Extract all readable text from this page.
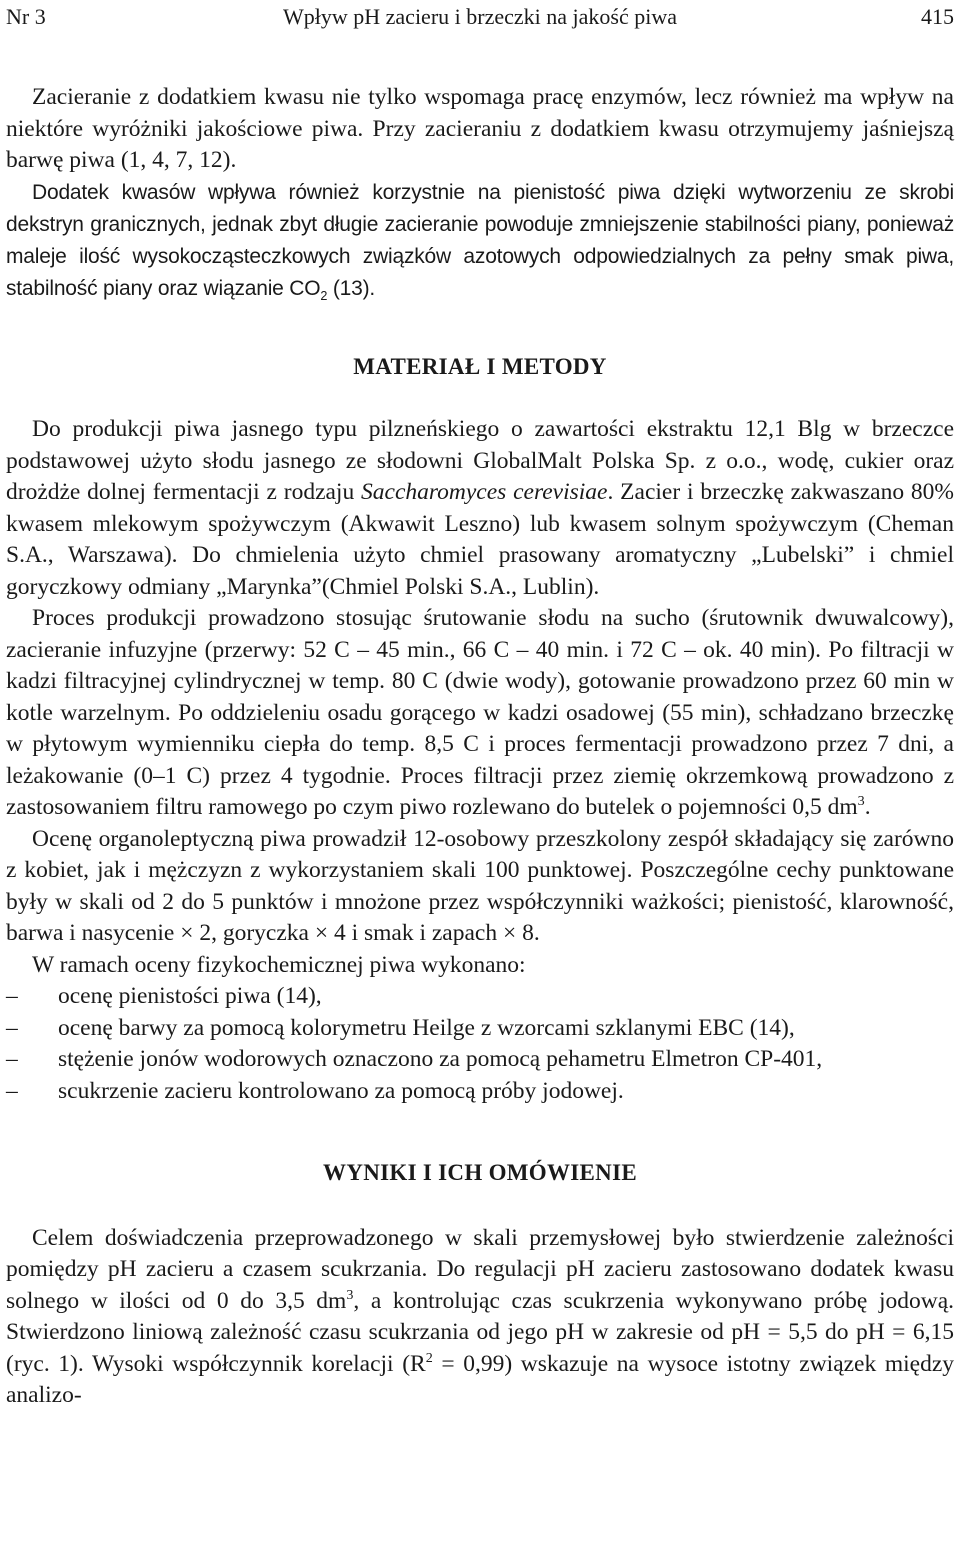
Nr 3	Wpływ pH zacieru i brzeczki na jakość piwa	415

Zacieranie z dodatkiem kwasu nie tylko wspomaga pracę enzymów, lecz również ma wpływ na niektóre wyróżniki jakościowe piwa. Przy zacieraniu z dodatkiem kwasu otrzymujemy jaśniejszą barwę piwa (1, 4, 7, 12).

Dodatek kwasów wpływa również korzystnie na pienistość piwa dzięki wytworzeniu ze skrobi dekstryn granicznych, jednak zbyt długie zacieranie powoduje zmniejszenie stabilności piany, ponieważ maleje ilość wysokocząsteczkowych związków azotowych odpowiedzialnych za pełny smak piwa, stabilność piany oraz wiązanie $CO_2$ (13).

MATERIAŁ I METODY

Do produkcji piwa jasnego typu pilzneńskiego o zawartości ekstraktu 12,1 Blg w brzeczce podstawowej użyto słodu jasnego ze słodowni GlobalMalt Polska Sp. z o.o., wodę, cukier oraz drożdże dolnej fermentacji z rodzaju Saccharomyces cerevisiae. Zacier i brzeczkę zakwaszano 80% kwasem mlekowym spożywczym (Akwawit Leszno) lub kwasem solnym spożywczym (Cheman S.A., Warszawa). Do chmielenia użyto chmiel prasowany aromatyczny „Lubelski” i chmiel goryczkowy odmiany „Marynka”(Chmiel Polski S.A., Lublin).

Proces produkcji prowadzono stosując śrutowanie słodu na sucho (śrutownik dwuwalcowy), zacieranie infuzyjne (przerwy: 52 C – 45 min., 66 C – 40 min. i 72 C – ok. 40 min). Po filtracji w kadzi filtracyjnej cylindrycznej w temp. 80 C (dwie wody), gotowanie prowadzono przez 60 min w kotle warzelnym. Po oddzieleniu osadu gorącego w kadzi osadowej (55 min), schładzano brzeczkę w płytowym wymienniku ciepła do temp. 8,5 C i proces fermentacji prowadzono przez 7 dni, a leżakowanie (0–1 C) przez 4 tygodnie. Proces filtracji przez ziemię okrzemkową prowadzono z zastosowaniem filtru ramowego po czym piwo rozlewano do butelek o pojemności 0,5 $dm^3$.

Ocenę organoleptyczną piwa prowadził 12-osobowy przeszkolony zespół składający się zarówno z kobiet, jak i mężczyzn z wykorzystaniem skali 100 punktowej. Poszczególne cechy punktowane były w skali od 2 do 5 punktów i mnożone przez współczynniki ważkości; pienistość, klarowność, barwa i nasycenie × 2, goryczka × 4 i smak i zapach × 8.

W ramach oceny fizykochemicznej piwa wykonano:

– ocenę pienistości piwa (14),
– ocenę barwy za pomocą kolorymetru Heilge z wzorcami szklanymi EBC (14),
– stężenie jonów wodorowych oznaczono za pomocą pehametru Elmetron CP-401,
– scukrzenie zacieru kontrolowano za pomocą próby jodowej.
WYNIKI I ICH OMÓWIENIE

Celem doświadczenia przeprowadzonego w skali przemysłowej było stwierdzenie zależności pomiędzy pH zacieru a czasem scukrzania. Do regulacji pH zacieru zastosowano dodatek kwasu solnego w ilości od 0 do 3,5 $dm^3$, a kontrolując czas scukrzenia wykonywano próbę jodową. Stwierdzono liniową zależność czasu scukrzania od jego pH w zakresie od pH = 5,5 do pH = 6,15 (ryc. 1). Wysoki współczynnik korelacji $(R^2 = 0,99)$ wskazuje na wysoce istotny związek między analizo-
